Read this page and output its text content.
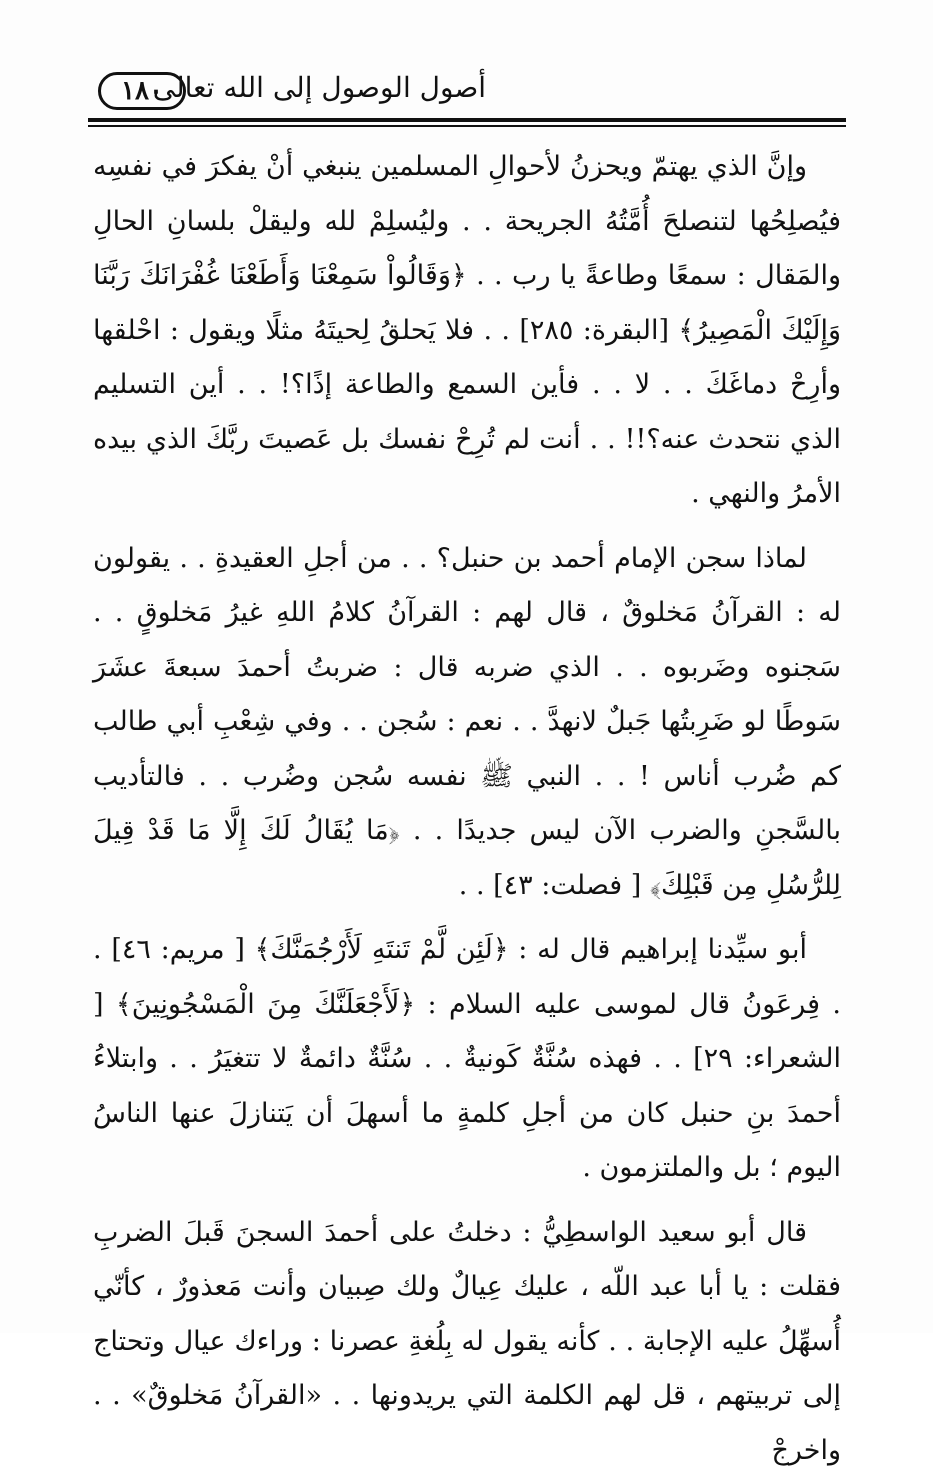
أصول الوصول إلى الله تعالى
١٨٠

وإنَّ الذي يهتمّ ويحزنُ لأحوالِ المسلمين ينبغي أنْ يفكرَ في نفسِه فيُصلِحُها لتنصلحَ أُمَّتُهُ الجريحة . . وليُسلِمْ لله وليقلْ بلسانِ الحالِ والمَقال : سمعًا وطاعةً يا رب . . ﴿وَقَالُواْ سَمِعْنَا وَأَطَعْنَا غُفْرَانَكَ رَبَّنَا وَإِلَيْكَ الْمَصِيرُ﴾ [البقرة: ٢٨٥] . . فلا يَحلقُ لِحيتَهُ مثلًا ويقول : احْلقها وأرِحْ دماغَكَ . . لا . . فأين السمع والطاعة إذًا؟! . . أين التسليم الذي نتحدث عنه؟!! . . أنت لم تُرِحْ نفسك بل عَصيتَ ربَّكَ الذي بيده الأمرُ والنهي .

لماذا سجن الإمام أحمد بن حنبل؟ . . من أجلِ العقيدةِ . . يقولون له : القرآنُ مَخلوقٌ ، قال لهم : القرآنُ كلامُ اللهِ غيرُ مَخلوقٍ . . سَجنوه وضَربوه . . الذي ضربه قال : ضربتُ أحمدَ سبعةَ عشَرَ سَوطًا لو ضَرِبتُها جَبلٌ لانهدَّ . . نعم : سُجن . . وفي شِعْبِ أبي طالب كم ضُرب أناس ! . . النبي ﷺ نفسه سُجن وضُرب . . فالتأديب بالسَّجنِ والضرب الآن ليس جديدًا . . ﴿مَا يُقَالُ لَكَ إِلَّا مَا قَدْ قِيلَ لِلرُّسُلِ مِن قَبْلِكَ﴾ [ فصلت: ٤٣] . .

أبو سيِّدنا إبراهيم قال له : ﴿لَئِن لَّمْ تَنتَهِ لَأَرْجُمَنَّكَ﴾ [ مريم: ٤٦] . . فِرعَونُ قال لموسى عليه السلام : ﴿لَأَجْعَلَنَّكَ مِنَ الْمَسْجُونِينَ﴾ [ الشعراء: ٢٩] . . فهذه سُنَّةٌ كَونيةٌ . . سُنَّةٌ دائمةٌ لا تتغيَرُ . . وابتلاءُ أحمدَ بنِ حنبل كان من أجلِ كلمةٍ ما أسهلَ أن يَتنازلَ عنها الناسُ اليوم ؛ بل والملتزمون .

قال أبو سعيد الواسطِيُّ : دخلتُ على أحمدَ السجنَ قَبلَ الضربِ فقلت : يا أبا عبد اللّه ، عليك عِيالٌ ولك صِبيان وأنت مَعذورٌ ، كأنّي أُسهِّلُ عليه الإجابة . . كأنه يقول له بِلُغةِ عصرنا : وراءك عيال وتحتاج إلى تربيتهم ، قل لهم الكلمة التي يريدونها . . «القرآنُ مَخلوقٌ» . . واخرجْ
